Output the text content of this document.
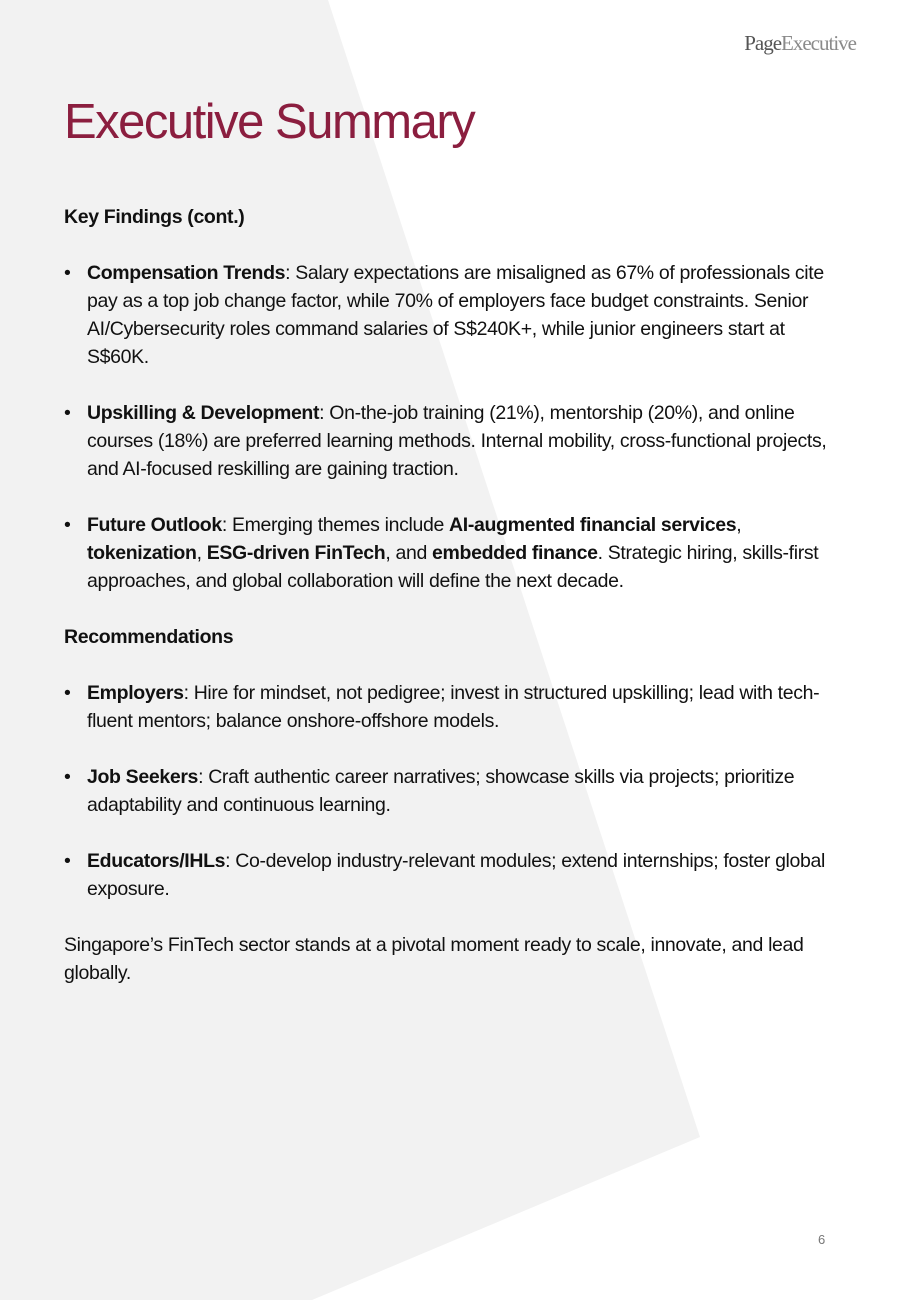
PageExecutive
Executive Summary

Key Findings (cont.)

• Compensation Trends: Salary expectations are misaligned as 67% of professionals cite pay as a top job change factor, while 70% of employers face budget constraints. Senior AI/Cybersecurity roles command salaries of S$240K+, while junior engineers start at S$60K.
• Upskilling & Development: On-the-job training (21%), mentorship (20%), and online courses (18%) are preferred learning methods. Internal mobility, cross-functional projects, and AI-focused reskilling are gaining traction.
• Future Outlook: Emerging themes include AI-augmented financial services, tokenization, ESG-driven FinTech, and embedded finance. Strategic hiring, skills-first approaches, and global collaboration will define the next decade.

Recommendations

• Employers: Hire for mindset, not pedigree; invest in structured upskilling; lead with tech-fluent mentors; balance onshore-offshore models.
• Job Seekers: Craft authentic career narratives; showcase skills via projects; prioritize adaptability and continuous learning.
• Educators/IHLs: Co-develop industry-relevant modules; extend internships; foster global exposure.

Singapore’s FinTech sector stands at a pivotal moment ready to scale, innovate, and lead globally.

6
